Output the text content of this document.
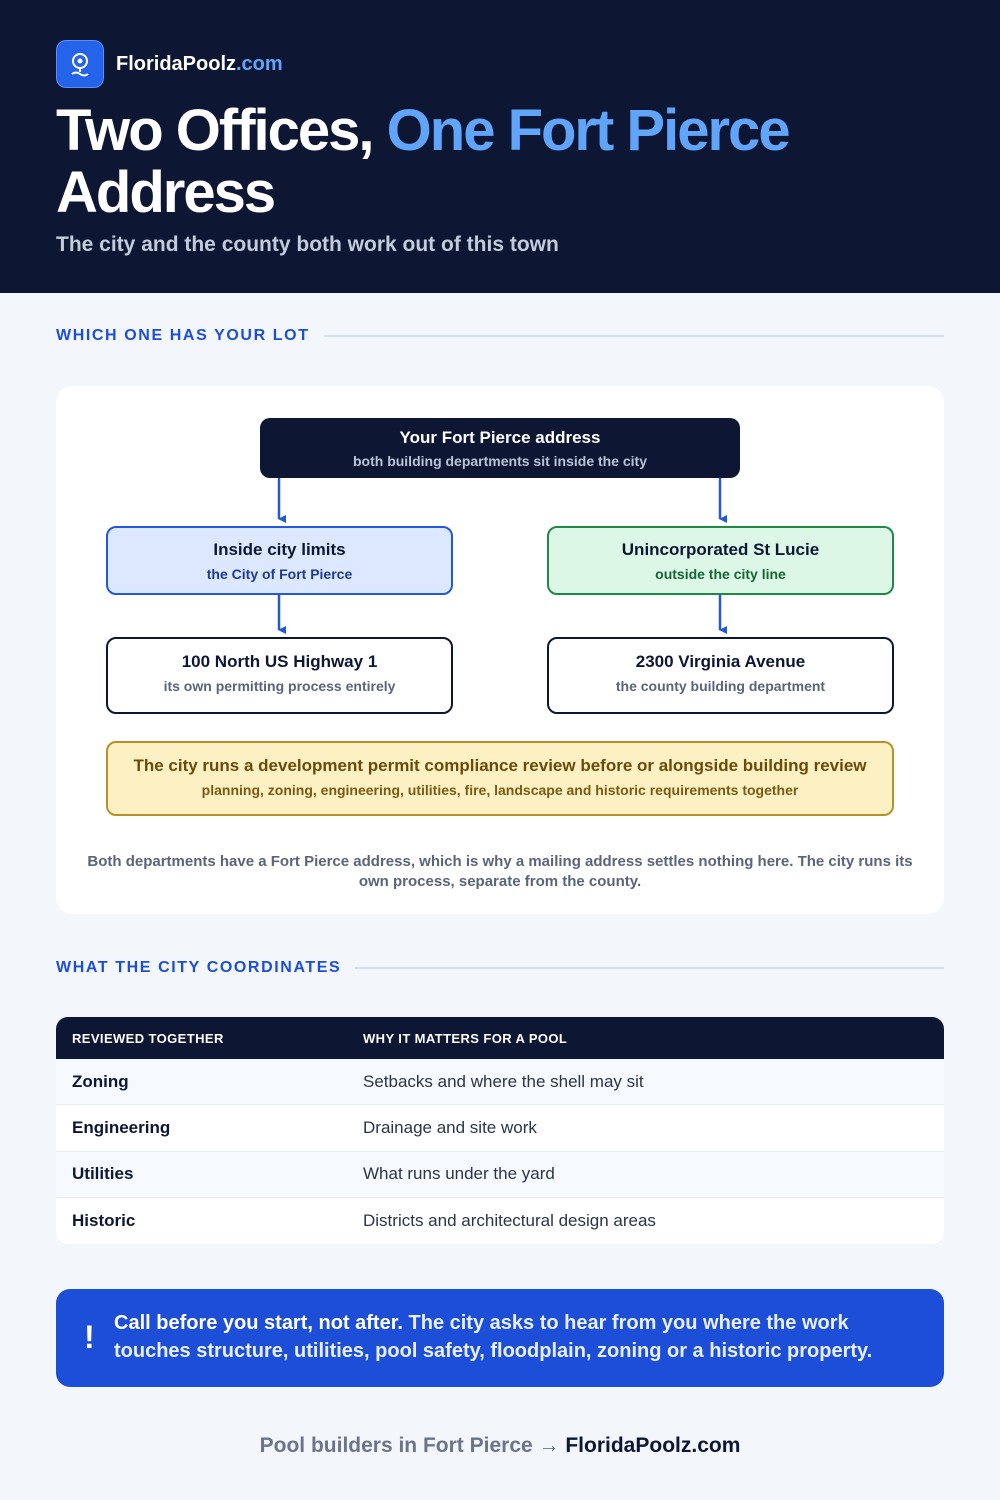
FloridaPoolz.com
Two Offices, One Fort Pierce
Address
The city and the county both work out of this town
WHICH ONE HAS YOUR LOT
Your Fort Pierce address
both building departments sit inside the city
Inside city limits
the City of Fort Pierce
Unincorporated St Lucie
outside the city line
100 North US Highway 1
its own permitting process entirely
2300 Virginia Avenue
the county building department
The city runs a development permit compliance review before or alongside building review
planning, zoning, engineering, utilities, fire, landscape and historic requirements together
Both departments have a Fort Pierce address, which is why a mailing address settles nothing here. The city runs its own process, separate from the county.
WHAT THE CITY COORDINATES
REVIEWED TOGETHER	WHY IT MATTERS FOR A POOL
Zoning	Setbacks and where the shell may sit
Engineering	Drainage and site work
Utilities	What runs under the yard
Historic	Districts and architectural design areas
! Call before you start, not after. The city asks to hear from you where the work touches structure, utilities, pool safety, floodplain, zoning or a historic property.
Pool builders in Fort Pierce → FloridaPoolz.com
